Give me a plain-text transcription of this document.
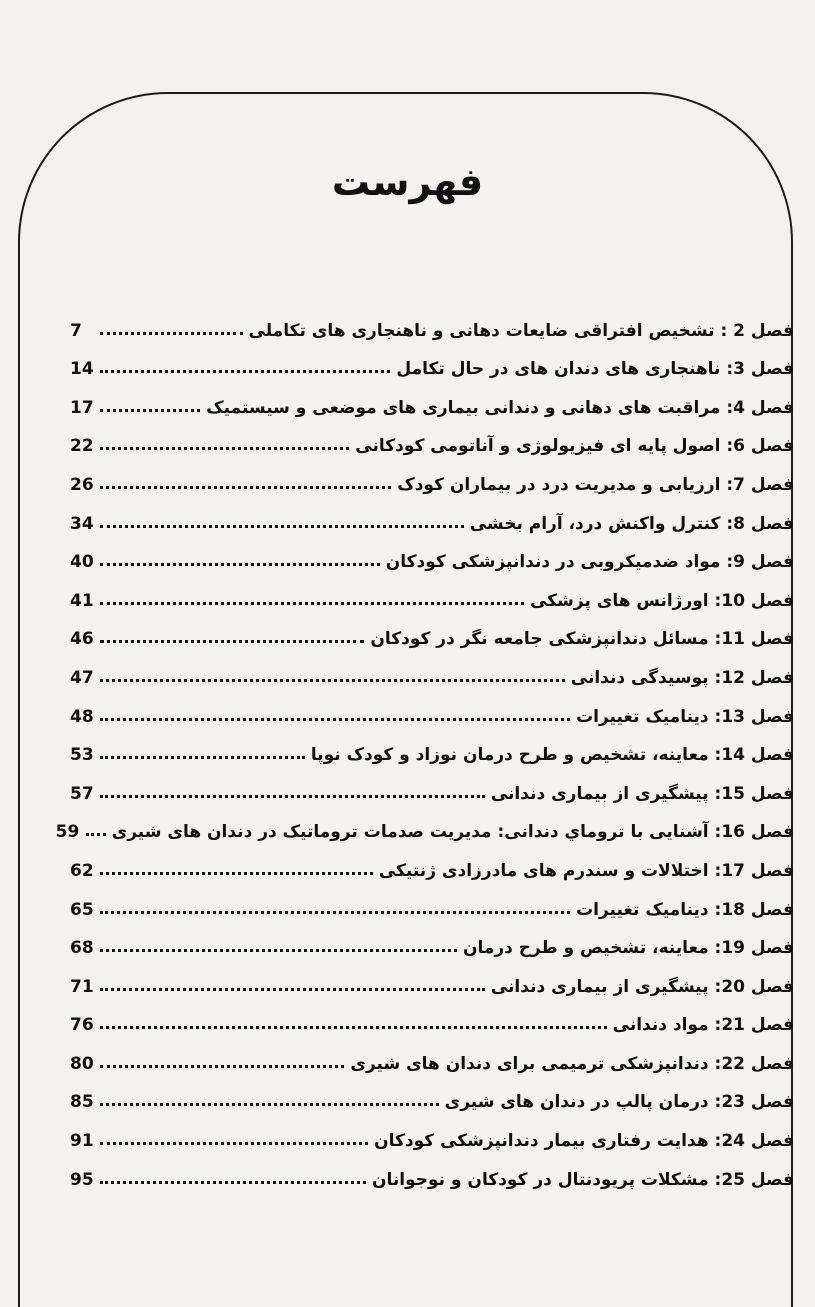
فهرست
فصل 2 : تشخیص افتراقی ضایعات دهانی و ناهنجاری های تکاملی
7
فصل 3: ناهنجاری های دندان های در حال تکامل
14
فصل 4: مراقبت های دهانی و دندانی بیماری های موضعی و سیستمیک
17
فصل 6: اصول پایه ای فیزیولوژی و آناتومی کودکانی
22
فصل 7: ارزیابی و مدیریت درد در بیماران کودک
26
فصل 8: کنترل واکنش درد، آرام بخشی
34
فصل 9: مواد ضدمیکروبی در دندانپزشکی کودکان
40
فصل 10: اورژانس های پزشکی
41
فصل 11: مسائل دندانپزشکی جامعه نگر در کودکان
46
فصل 12: پوسیدگی دندانی
47
فصل 13: دینامیک تغییرات
48
فصل 14: معاینه، تشخیص و طرح درمان نوزاد و کودک نوپا
53
فصل 15: پیشگیری از بیماری دندانی
57
فصل 16: آشنایی با تروماي دندانی: مدیریت صدمات تروماتیک در دندان های شیری
59
فصل 17: اختلالات و سندرم های مادرزادی ژنتیکی
62
فصل 18: دینامیک تغییرات
65
فصل 19: معاینه، تشخیص و طرح درمان
68
فصل 20: پیشگیری از بیماری دندانی
71
فصل 21: مواد دندانی
76
فصل 22: دندانپزشکی ترمیمی برای دندان های شیری
80
فصل 23: درمان پالپ در دندان های شیری
85
فصل 24: هدایت رفتاری بیمار دندانپزشکی کودکان
91
فصل 25: مشکلات پریودنتال در کودکان و نوجوانان
95
